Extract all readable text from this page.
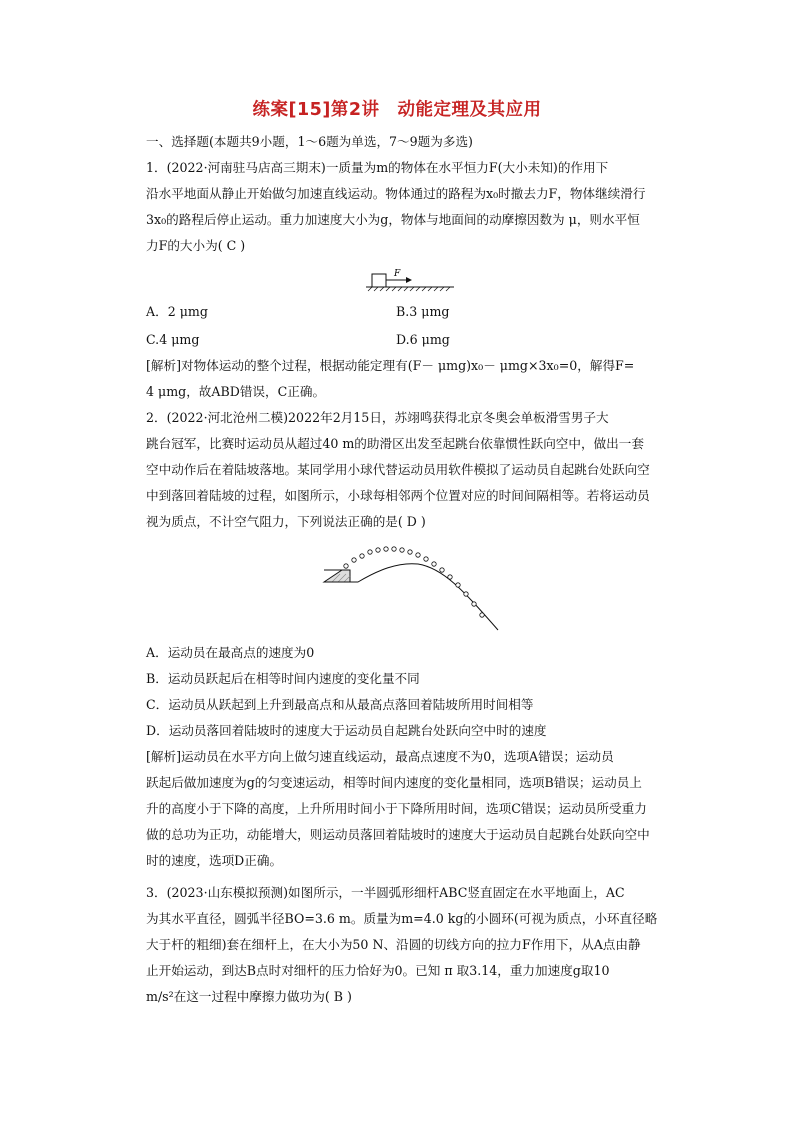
练案[15]第2讲　动能定理及其应用
一、选择题(本题共9小题，1～6题为单选，7～9题为多选)
1．(2022·河南驻马店高三期末)一质量为m的物体在水平恒力F(大小未知)的作用下
沿水平地面从静止开始做匀加速直线运动。物体通过的路程为x₀时撤去力F，物体继续滑行
3x₀的路程后停止运动。重力加速度大小为g，物体与地面间的动摩擦因数为 μ，则水平恒
力F的大小为( C )
F
A．2 μmg	B.3 μmg
C.4 μmg	D.6 μmg
[解析]对物体运动的整个过程，根据动能定理有(F－ μmg)x₀－ μmg×3x₀=0，解得F=
4 μmg，故ABD错误，C正确。
2．(2022·河北沧州二模)2022年2月15日，苏翊鸣获得北京冬奥会单板滑雪男子大
跳台冠军，比赛时运动员从超过40 m的助滑区出发至起跳台依靠惯性跃向空中，做出一套
空中动作后在着陆坡落地。某同学用小球代替运动员用软件模拟了运动员自起跳台处跃向空
中到落回着陆坡的过程，如图所示，小球每相邻两个位置对应的时间间隔相等。若将运动员
视为质点，不计空气阻力，下列说法正确的是( D )
A．运动员在最高点的速度为0
B．运动员跃起后在相等时间内速度的变化量不同
C．运动员从跃起到上升到最高点和从最高点落回着陆坡所用时间相等
D．运动员落回着陆坡时的速度大于运动员自起跳台处跃向空中时的速度
[解析]运动员在水平方向上做匀速直线运动，最高点速度不为0，选项A错误；运动员
跃起后做加速度为g的匀变速运动，相等时间内速度的变化量相同，选项B错误；运动员上
升的高度小于下降的高度，上升所用时间小于下降所用时间，选项C错误；运动员所受重力
做的总功为正功，动能增大，则运动员落回着陆坡时的速度大于运动员自起跳台处跃向空中
时的速度，选项D正确。
3．(2023·山东模拟预测)如图所示，一半圆弧形细杆ABC竖直固定在水平地面上，AC
为其水平直径，圆弧半径BO=3.6 m。质量为m=4.0 kg的小圆环(可视为质点，小环直径略
大于杆的粗细)套在细杆上，在大小为50 N、沿圆的切线方向的拉力F作用下，从A点由静
止开始运动，到达B点时对细杆的压力恰好为0。已知 π 取3.14，重力加速度g取10
m/s²在这一过程中摩擦力做功为( B )
